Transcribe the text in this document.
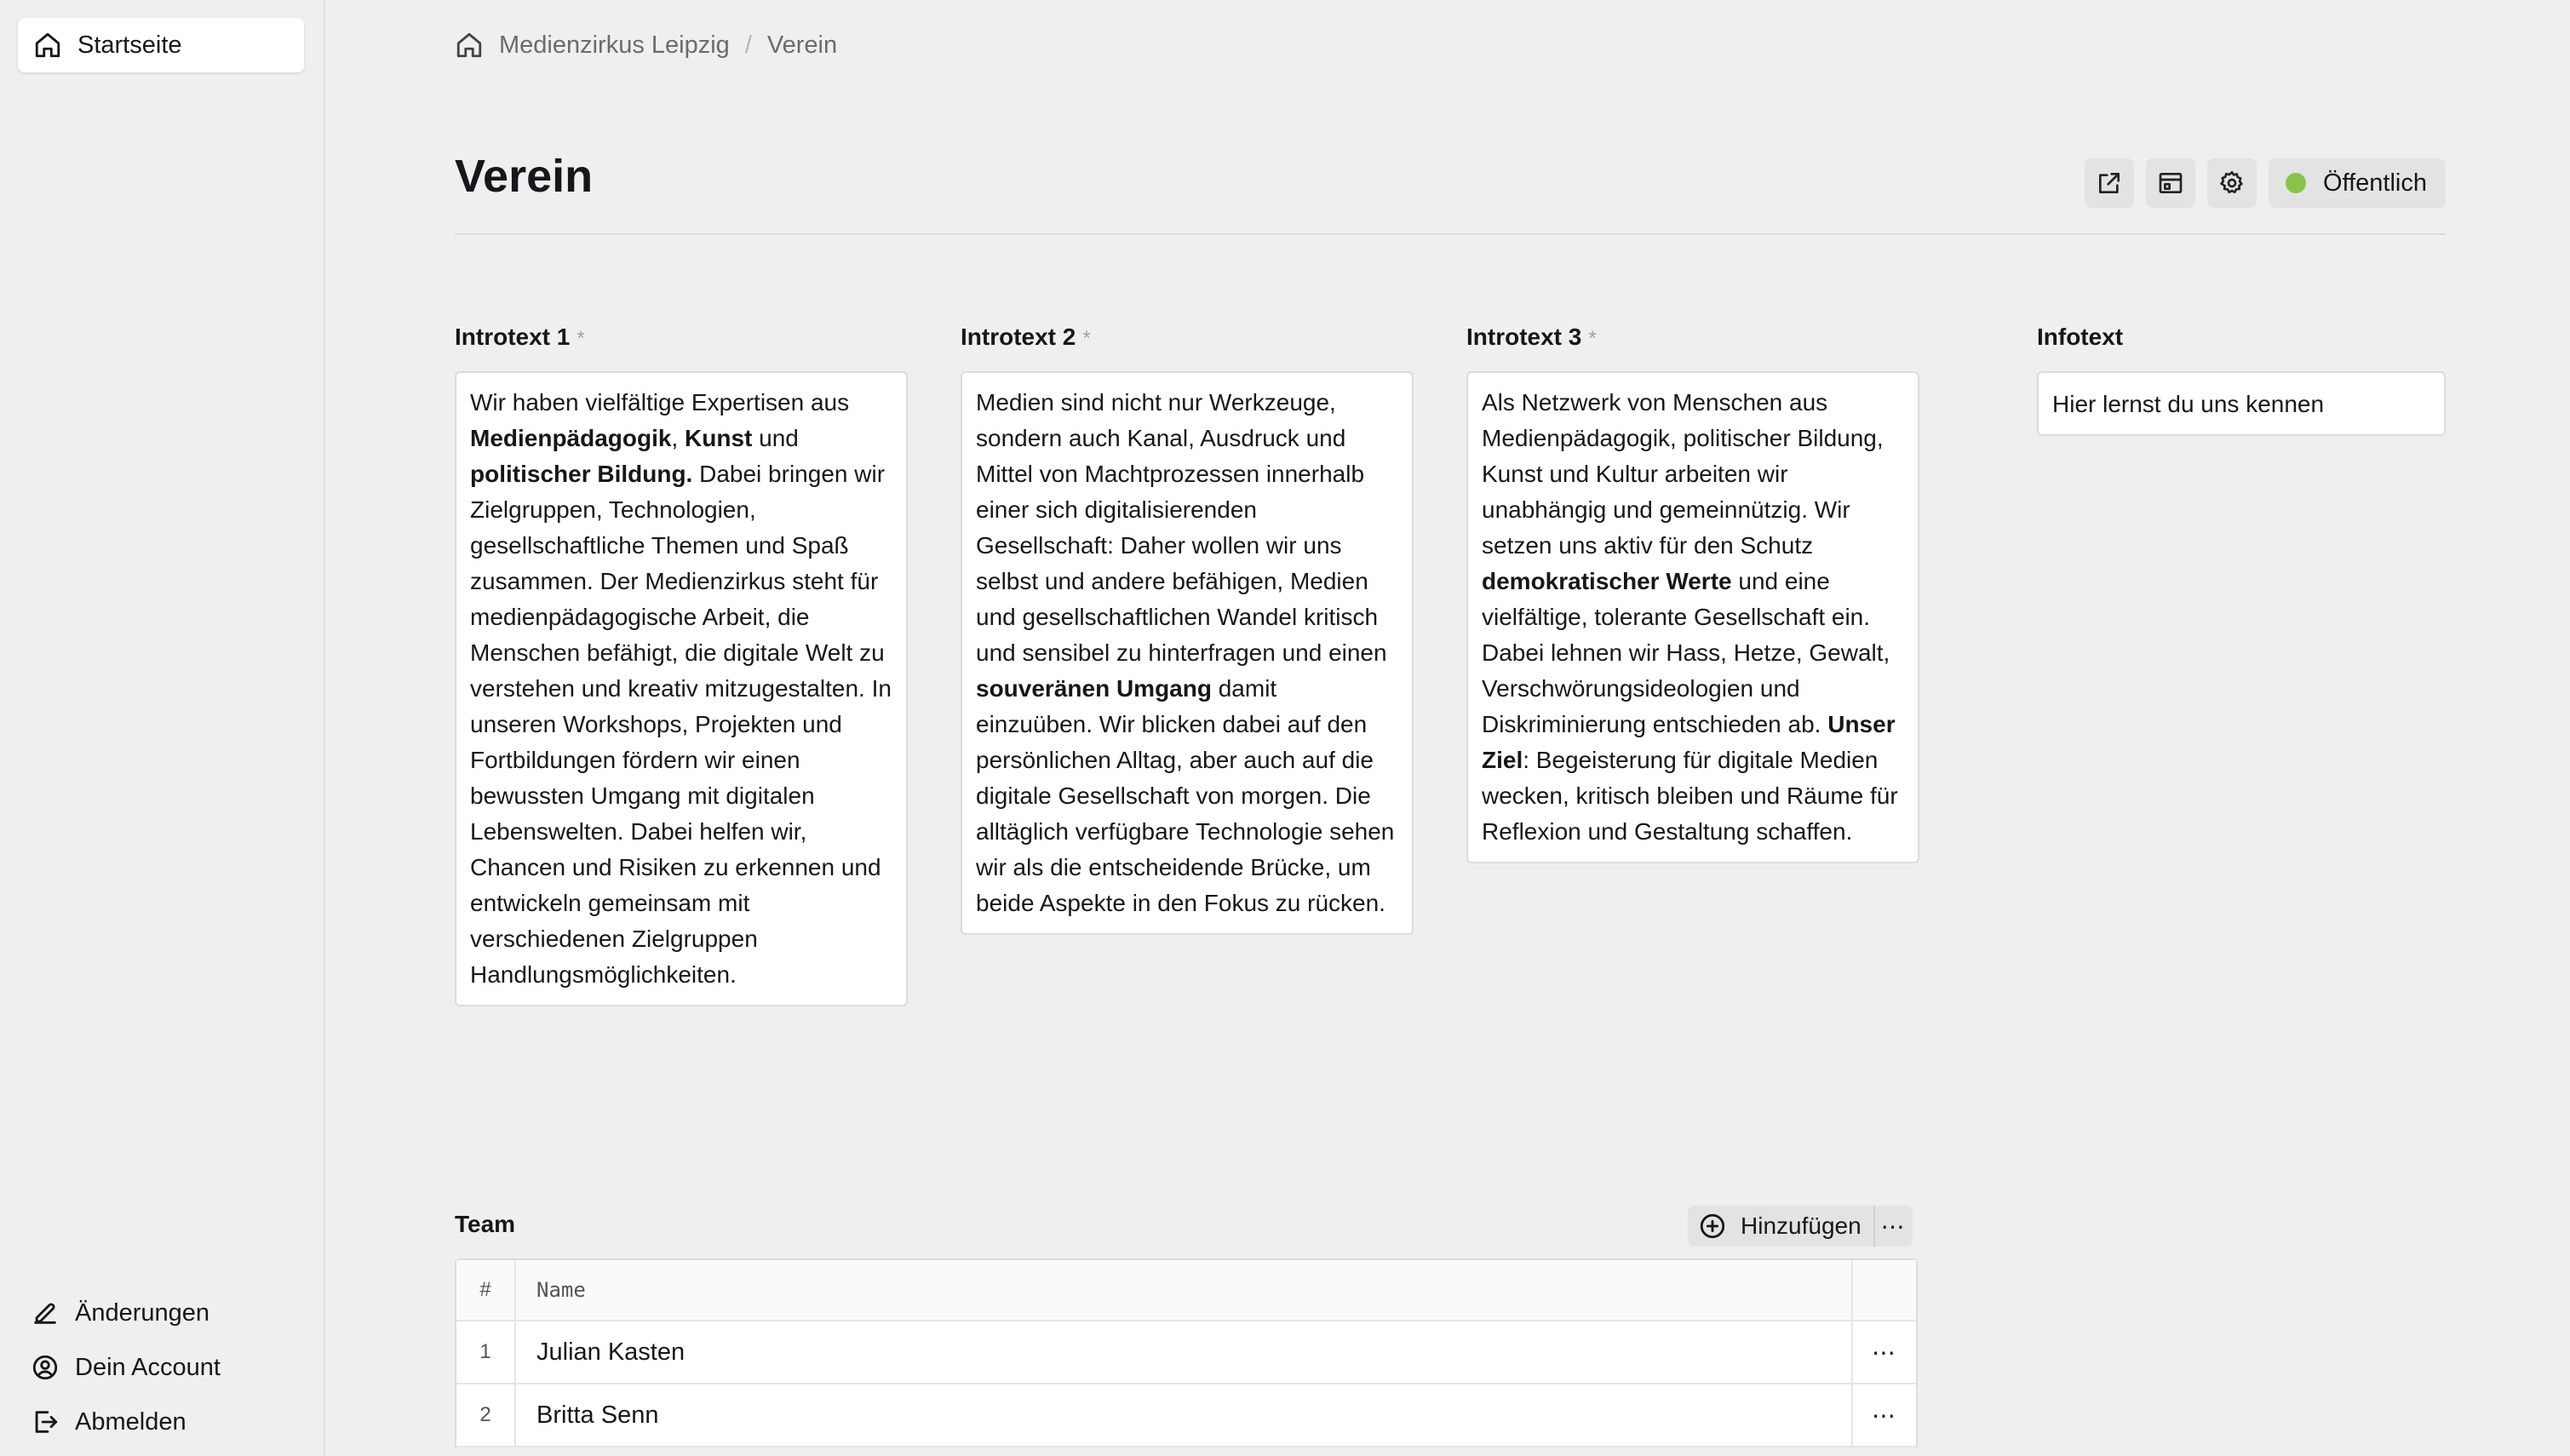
Startseite
Änderungen
Dein Account
Abmelden
Medienzirkus Leipzig / Verein
Verein	Öffentlich
Introtext 1 *
Wir haben vielfältige Expertisen aus Medienpädagogik, Kunst und politischer Bildung. Dabei bringen wir Zielgruppen, Technologien, gesellschaftliche Themen und Spaß zusammen. Der Medienzirkus steht für medienpädagogische Arbeit, die Menschen befähigt, die digitale Welt zu verstehen und kreativ mitzugestalten. In unseren Workshops, Projekten und Fortbildungen fördern wir einen bewussten Umgang mit digitalen Lebenswelten. Dabei helfen wir, Chancen und Risiken zu erkennen und entwickeln gemeinsam mit verschiedenen Zielgruppen Handlungsmöglichkeiten.
Introtext 2 *
Medien sind nicht nur Werkzeuge, sondern auch Kanal, Ausdruck und Mittel von Machtprozessen innerhalb einer sich digitalisierenden Gesellschaft: Daher wollen wir uns selbst und andere befähigen, Medien und gesellschaftlichen Wandel kritisch und sensibel zu hinterfragen und einen souveränen Umgang damit einzuüben. Wir blicken dabei auf den persönlichen Alltag, aber auch auf die digitale Gesellschaft von morgen. Die alltäglich verfügbare Technologie sehen wir als die entscheidende Brücke, um beide Aspekte in den Fokus zu rücken.
Introtext 3 *
Als Netzwerk von Menschen aus Medienpädagogik, politischer Bildung, Kunst und Kultur arbeiten wir unabhängig und gemeinnützig. Wir setzen uns aktiv für den Schutz demokratischer Werte und eine vielfältige, tolerante Gesellschaft ein. Dabei lehnen wir Hass, Hetze, Gewalt, Verschwörungsideologien und Diskriminierung entschieden ab. Unser Ziel: Begeisterung für digitale Medien wecken, kritisch bleiben und Räume für Reflexion und Gestaltung schaffen.
Infotext
Hier lernst du uns kennen
Team	Hinzufügen ⋯
#	Name
1	Julian Kasten	⋯
2	Britta Senn	⋯
